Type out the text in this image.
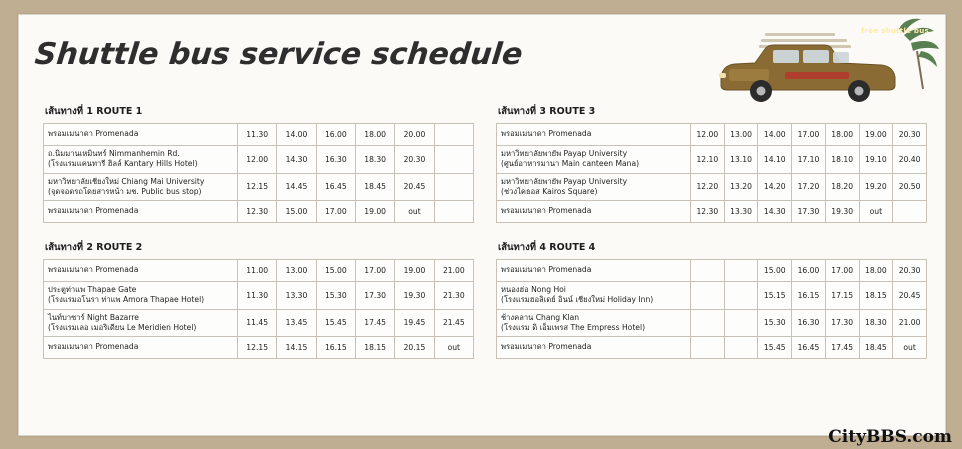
Shuttle bus service schedule
free shuttle bus
เส้นทางที่ 1 ROUTE 1
พรอมเมนาดา Promenada	11.30	14.00	16.00	18.00	20.00	
ถ.นิมมานเหมินทร์ Nimmanhemin Rd.
(โรงแรมแคนทารี ฮิลล์ Kantary Hills Hotel)	12.00	14.30	16.30	18.30	20.30	
มหาวิทยาลัยเชียงใหม่ Chiang Mai University
(จุดจอดรถโดยสารหน้า มช. Public bus stop)	12.15	14.45	16.45	18.45	20.45	
พรอมเมนาดา Promenada	12.30	15.00	17.00	19.00	out	
เส้นทางที่ 2 ROUTE 2
พรอมเมนาดา Promenada	11.00	13.00	15.00	17.00	19.00	21.00
ประตูท่าแพ Thapae Gate
(โรงแรมอโนรา ท่าแพ Amora Thapae Hotel)	11.30	13.30	15.30	17.30	19.30	21.30
ไนท์บาซาร์ Night Bazarre
(โรงแรมเลอ เมอริเดียน Le Meridien Hotel)	11.45	13.45	15.45	17.45	19.45	21.45
พรอมเมนาดา Promenada	12.15	14.15	16.15	18.15	20.15	out
เส้นทางที่ 3 ROUTE 3
พรอมเมนาดา Promenada	12.00	13.00	14.00	17.00	18.00	19.00	20.30
มหาวิทยาลัยพายัพ Payap University
(ศูนย์อาหารมานา Main canteen Mana)	12.10	13.10	14.10	17.10	18.10	19.10	20.40
มหาวิทยาลัยพายัพ Payap University
(ช่วงไคธอส Kairos Square)	12.20	13.20	14.20	17.20	18.20	19.20	20.50
พรอมเมนาดา Promenada	12.30	13.30	14.30	17.30	19.30	out	
เส้นทางที่ 4 ROUTE 4
พรอมเมนาดา Promenada			15.00	16.00	17.00	18.00	20.30
หนองฮ่อ Nong Hoi
(โรงแรมฮอลิเดย์ อินน์ เชียงใหม่ Holiday Inn)			15.15	16.15	17.15	18.15	20.45
ช้างคลาน Chang Klan
(โรงแรม ดิ เอ็มเพรส The Empress Hotel)			15.30	16.30	17.30	18.30	21.00
พรอมเมนาดา Promenada			15.45	16.45	17.45	18.45	out
CityBBS.com
